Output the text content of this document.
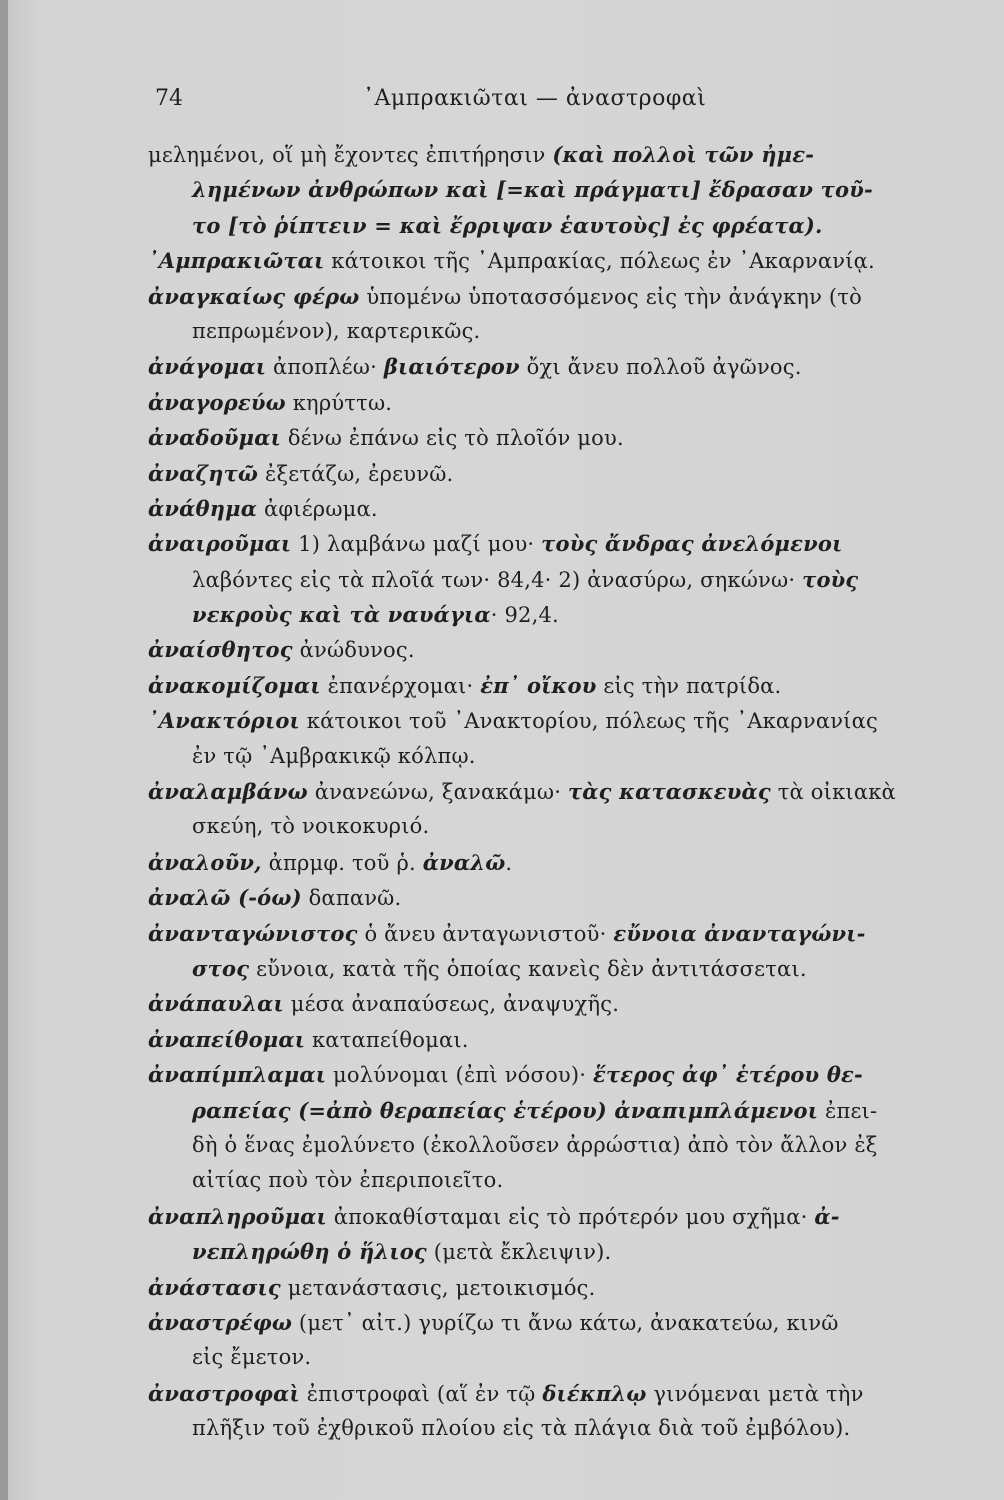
74	᾿Αμπρακιῶται — ἀναστροφαὶ
μελημένοι, οἵ μὴ ἔχοντες ἐπιτήρησιν (καὶ πολλοὶ τῶν ἠμε-
λημένων ἀνθρώπων καὶ [=καὶ πράγματι] ἔδρασαν τοῦ-
το [τὸ ῥίπτειν = καὶ ἔρριψαν ἑαυτοὺς] ἐς φρέατα).
᾿Αμπρακιῶται κάτοικοι τῆς ᾿Αμπρακίας, πόλεως ἐν ᾿Ακαρνανίᾳ.
ἀναγκαίως φέρω ὑπομένω ὑποτασσόμενος εἰς τὴν ἀνάγκην (τὸ
πεπρωμένον), καρτερικῶς.
ἀνάγομαι ἀποπλέω· βιαιότερον ὄχι ἄνευ πολλοῦ ἀγῶνος.
ἀναγορεύω κηρύττω.
ἀναδοῦμαι δένω ἐπάνω εἰς τὸ πλοῖόν μου.
ἀναζητῶ ἐξετάζω, ἐρευνῶ.
ἀνάθημα ἀφιέρωμα.
ἀναιροῦμαι 1) λαμβάνω μαζί μου· τοὺς ἄνδρας ἀνελόμενοι
λαβόντες εἰς τὰ πλοῖά των· 84,4· 2) ἀνασύρω, σηκώνω· τοὺς
νεκροὺς καὶ τὰ ναυάγια· 92,4.
ἀναίσθητος ἀνώδυνος.
ἀνακομίζομαι ἐπανέρχομαι· ἐπ᾿ οἴκου εἰς τὴν πατρίδα.
᾿Ανακτόριοι κάτοικοι τοῦ ᾿Ανακτορίου, πόλεως τῆς ᾿Ακαρνανίας
ἐν τῷ ᾿Αμβρακικῷ κόλπῳ.
ἀναλαμβάνω ἀνανεώνω, ξανακάμω· τὰς κατασκευὰς τὰ οἰκιακὰ
σκεύη, τὸ νοικοκυριό.
ἀναλοῦν, ἀπρμφ. τοῦ ῥ. ἀναλῶ.
ἀναλῶ (-όω) δαπανῶ.
ἀνανταγώνιστος ὁ ἄνευ ἀνταγωνιστοῦ· εὔνοια ἀνανταγώνι-
στος εὔνοια, κατὰ τῆς ὁποίας κανεὶς δὲν ἀντιτάσσεται.
ἀνάπαυλαι μέσα ἀναπαύσεως, ἀναψυχῆς.
ἀναπείθομαι καταπείθομαι.
ἀναπίμπλαμαι μολύνομαι (ἐπὶ νόσου)· ἕτερος ἀφ᾿ ἑτέρου θε-
ραπείας (=ἀπὸ θεραπείας ἑτέρου) ἀναπιμπλάμενοι ἐπει-
δὴ ὁ ἕνας ἐμολύνετο (ἐκολλοῦσεν ἀρρώστια) ἀπὸ τὸν ἄλλον ἐξ
αἰτίας ποὺ τὸν ἐπεριποιεῖτο.
ἀναπληροῦμαι ἀποκαθίσταμαι εἰς τὸ πρότερόν μου σχῆμα· ἀ-
νεπληρώθη ὁ ἥλιος (μετὰ ἔκλειψιν).
ἀνάστασις μετανάστασις, μετοικισμός.
ἀναστρέφω (μετ᾿ αἰτ.) γυρίζω τι ἄνω κάτω, ἀνακατεύω, κινῶ
εἰς ἔμετον.
ἀναστροφαὶ ἐπιστροφαὶ (αἵ ἐν τῷ διέκπλῳ γινόμεναι μετὰ τὴν
πλῆξιν τοῦ ἐχθρικοῦ πλοίου εἰς τὰ πλάγια διὰ τοῦ ἐμβόλου).
